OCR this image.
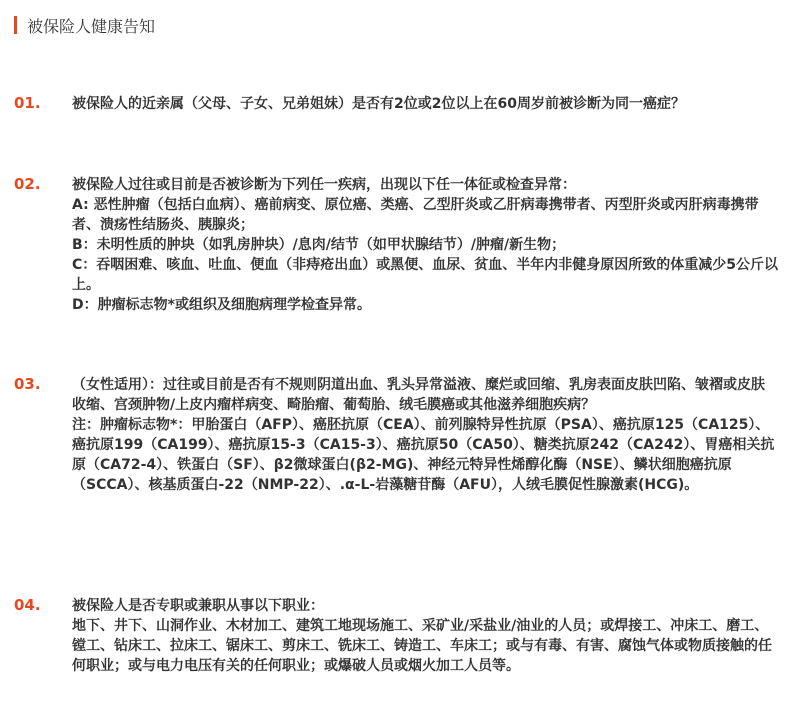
被保险人健康告知
01. 被保险人的近亲属（父母、子女、兄弟姐妹）是否有2位或2位以上在60周岁前被诊断为同一癌症？
02. 被保险人过往或目前是否被诊断为下列任一疾病，出现以下任一体征或检查异常：
A: 恶性肿瘤（包括白血病）、癌前病变、原位癌、类癌、乙型肝炎或乙肝病毒携带者、丙型肝炎或丙肝病毒携带者、溃疡性结肠炎、胰腺炎；
B：未明性质的肿块（如乳房肿块）/息肉/结节（如甲状腺结节）/肿瘤/新生物；
C：吞咽困难、咳血、吐血、便血（非痔疮出血）或黑便、血尿、贫血、半年内非健身原因所致的体重减少5公斤以上。
D：肿瘤标志物*或组织及细胞病理学检查异常。
03. （女性适用）：过往或目前是否有不规则阴道出血、乳头异常溢液、糜烂或回缩、乳房表面皮肤凹陷、皱褶或皮肤收缩、宫颈肿物/上皮内瘤样病变、畸胎瘤、葡萄胎、绒毛膜癌或其他滋养细胞疾病？
注：肿瘤标志物*：甲胎蛋白（AFP）、癌胚抗原（CEA）、前列腺特异性抗原（PSA）、癌抗原125（CA125）、癌抗原199（CA199）、癌抗原15-3（CA15-3）、癌抗原50（CA50）、糖类抗原242（CA242）、胃癌相关抗原（CA72-4）、铁蛋白（SF）、β2微球蛋白(β2-MG)、神经元特异性烯醇化酶（NSE）、鳞状细胞癌抗原（SCCA）、核基质蛋白-22（NMP-22）、.α-L-岩藻糖苷酶（AFU），人绒毛膜促性腺激素(HCG)。
04. 被保险人是否专职或兼职从事以下职业：
地下、井下、山洞作业、木材加工、建筑工地现场施工、采矿业/采盐业/油业的人员；或焊接工、冲床工、磨工、镗工、钻床工、拉床工、锯床工、剪床工、铣床工、铸造工、车床工；或与有毒、有害、腐蚀气体或物质接触的任何职业；或与电力电压有关的任何职业；或爆破人员或烟火加工人员等。
